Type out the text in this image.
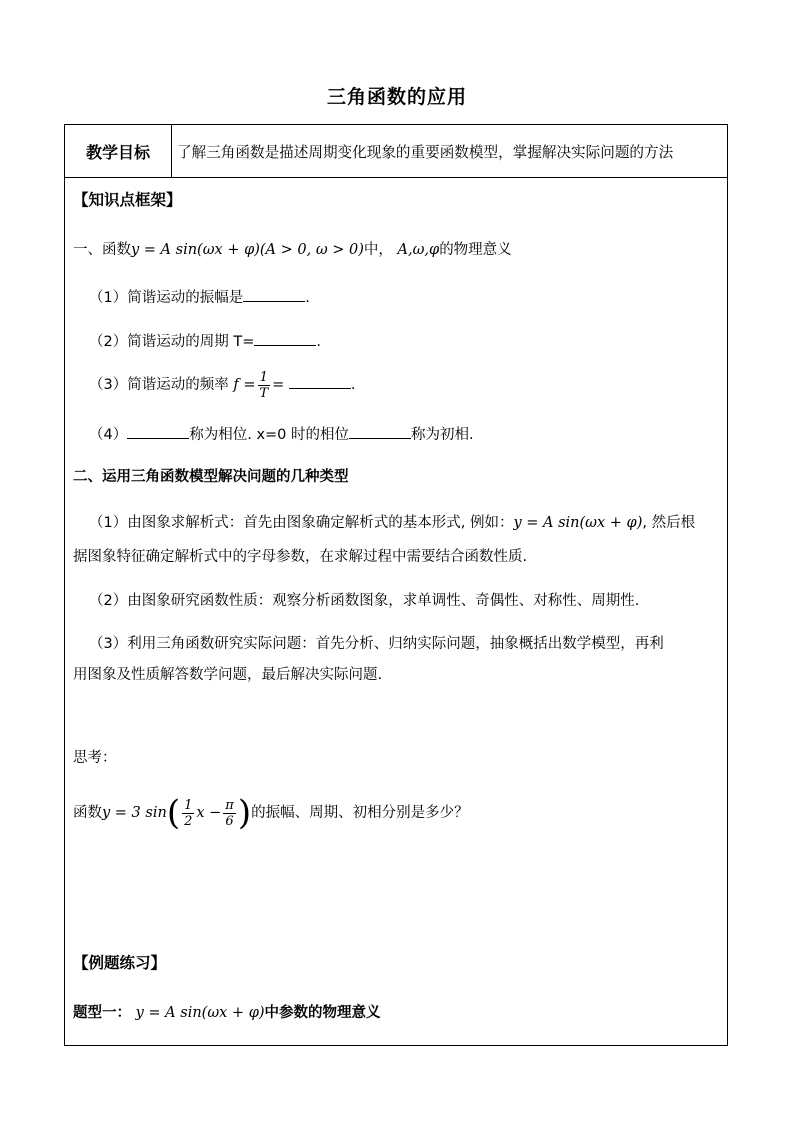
三角函数的应用
教学目标	了解三角函数是描述周期变化现象的重要函数模型，掌握解决实际问题的方法
【知识点框架】
一、函数y = A sin(ωx + φ)(A > 0, ω > 0)中， A,ω,φ的物理意义
（1）简谐运动的振幅是	.
（2）简谐运动的周期 T=	.
（3）简谐运动的频率 $f = \frac{1}{T}$ =	.
（4）	称为相位. x=0 时的相位	称为初相.
二、运用三角函数模型解决问题的几种类型
（1）由图象求解析式：首先由图象确定解析式的基本形式, 例如：y = A sin(ωx + φ), 然后根
据图象特征确定解析式中的字母参数，在求解过程中需要结合函数性质.
（2）由图象研究函数性质：观察分析函数图象，求单调性、奇偶性、对称性、周期性.
（3）利用三角函数研究实际问题：首先分析、归纳实际问题，抽象概括出数学模型，再利
用图象及性质解答数学问题，最后解决实际问题.
思考：
函数y = 3 $\sin( \frac{1}{2}$ $x - \frac{\pi}{6}$ )的振幅、周期、初相分别是多少？
【例题练习】
题型一： y = A sin(ωx + φ)中参数的物理意义
